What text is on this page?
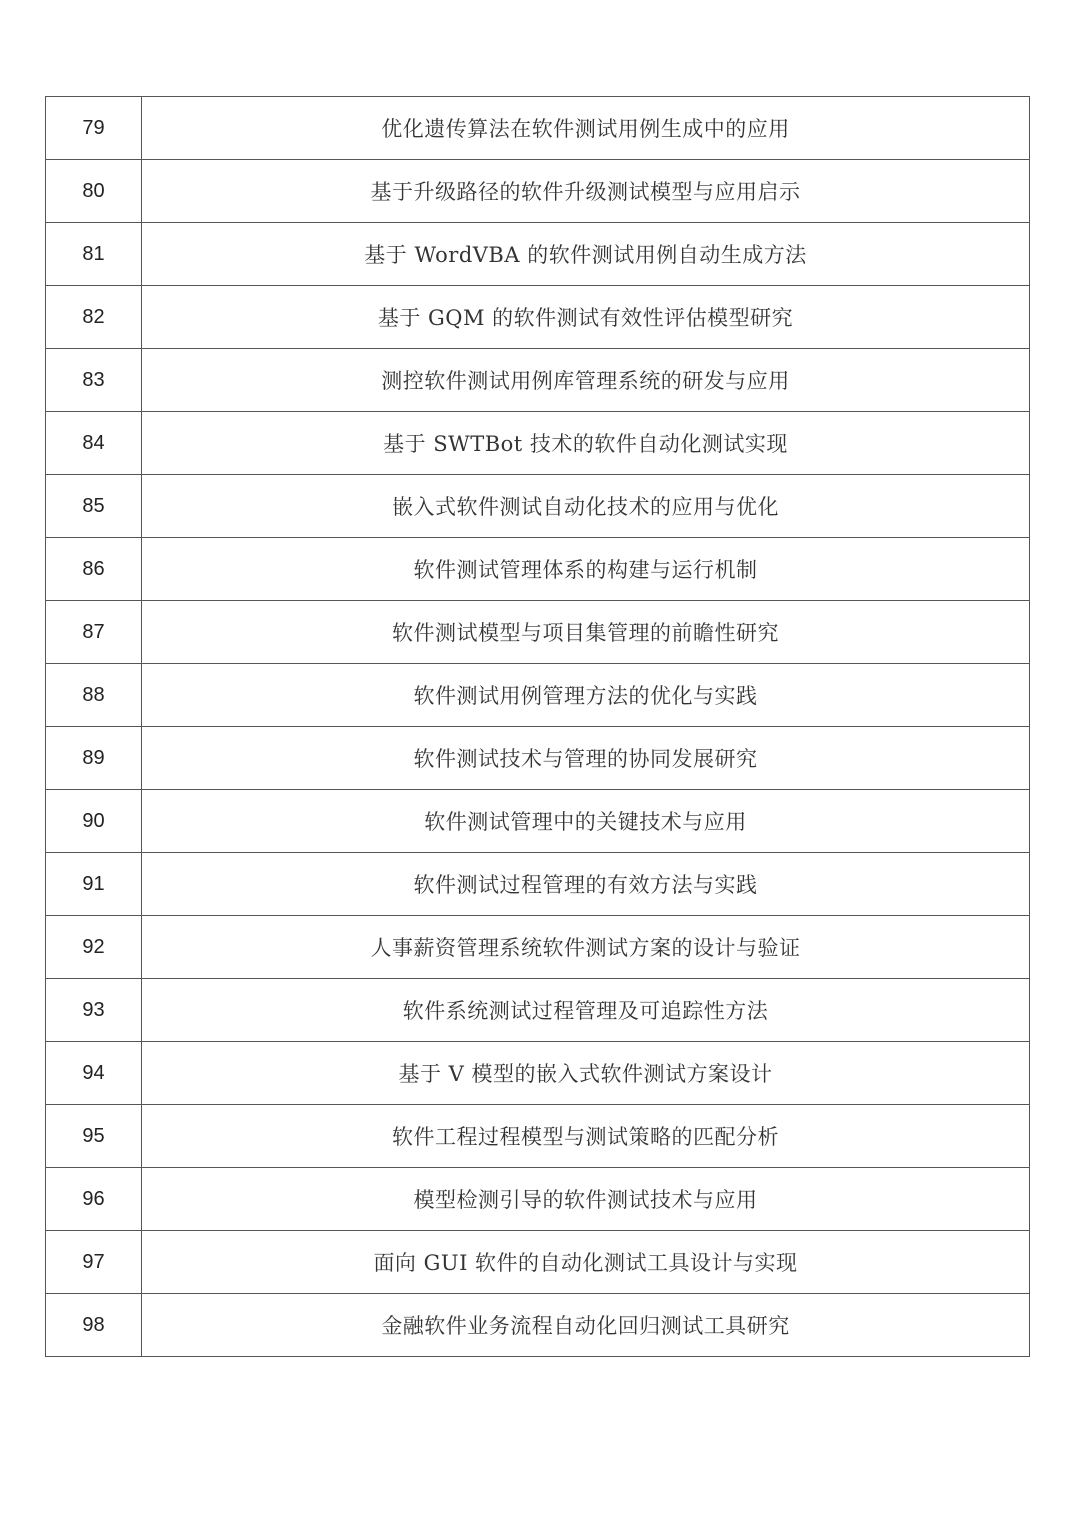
79	优化遗传算法在软件测试用例生成中的应用
80	基于升级路径的软件升级测试模型与应用启示
81	基于 WordVBA 的软件测试用例自动生成方法
82	基于 GQM 的软件测试有效性评估模型研究
83	测控软件测试用例库管理系统的研发与应用
84	基于 SWTBot 技术的软件自动化测试实现
85	嵌入式软件测试自动化技术的应用与优化
86	软件测试管理体系的构建与运行机制
87	软件测试模型与项目集管理的前瞻性研究
88	软件测试用例管理方法的优化与实践
89	软件测试技术与管理的协同发展研究
90	软件测试管理中的关键技术与应用
91	软件测试过程管理的有效方法与实践
92	人事薪资管理系统软件测试方案的设计与验证
93	软件系统测试过程管理及可追踪性方法
94	基于 V 模型的嵌入式软件测试方案设计
95	软件工程过程模型与测试策略的匹配分析
96	模型检测引导的软件测试技术与应用
97	面向 GUI 软件的自动化测试工具设计与实现
98	金融软件业务流程自动化回归测试工具研究
